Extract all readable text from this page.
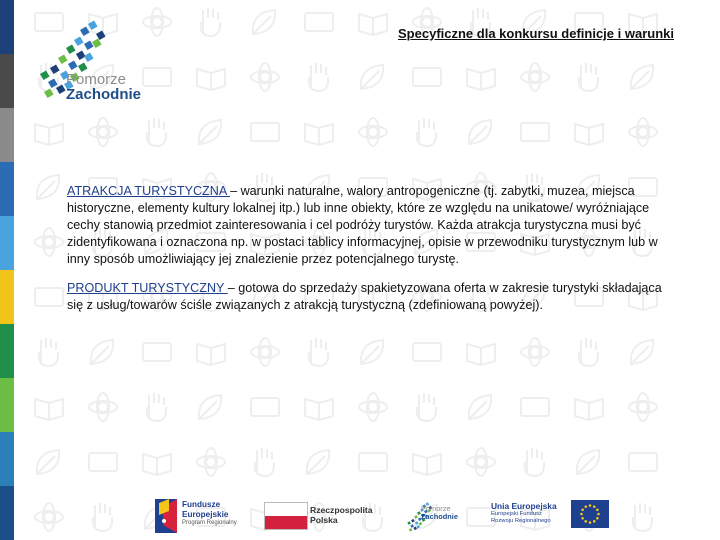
Pomorze
Zachodnie
Specyficzne dla konkursu definicje i warunki

ATRAKCJA TURYSTYCZNA – warunki naturalne, walory antropogeniczne (tj. zabytki, muzea, miejsca historyczne, elementy kultury lokalnej itp.) lub inne obiekty, które ze względu na unikatowe/ wyróżniające cechy stanowią przedmiot zainteresowania i cel podróży turystów. Każda atrakcja turystyczna musi być zidentyfikowana i oznaczona np. w postaci tablicy informacyjnej, opisie w przewodniku turystycznym lub w inny sposób umożliwiający jej znalezienie przez potencjalnego turystę.

PRODUKT TURYSTYCZNY – gotowa do sprzedaży spakietyzowana oferta w zakresie turystyki składająca się z usług/towarów ściśle związanych z atrakcją turystyczną (zdefiniowaną powyżej).

Fundusze
Europejskie
Program Regionalny
Rzeczpospolita
Polska
Pomorze
Zachodnie
Unia Europejska
Europejski Fundusz
Rozwoju Regionalnego
